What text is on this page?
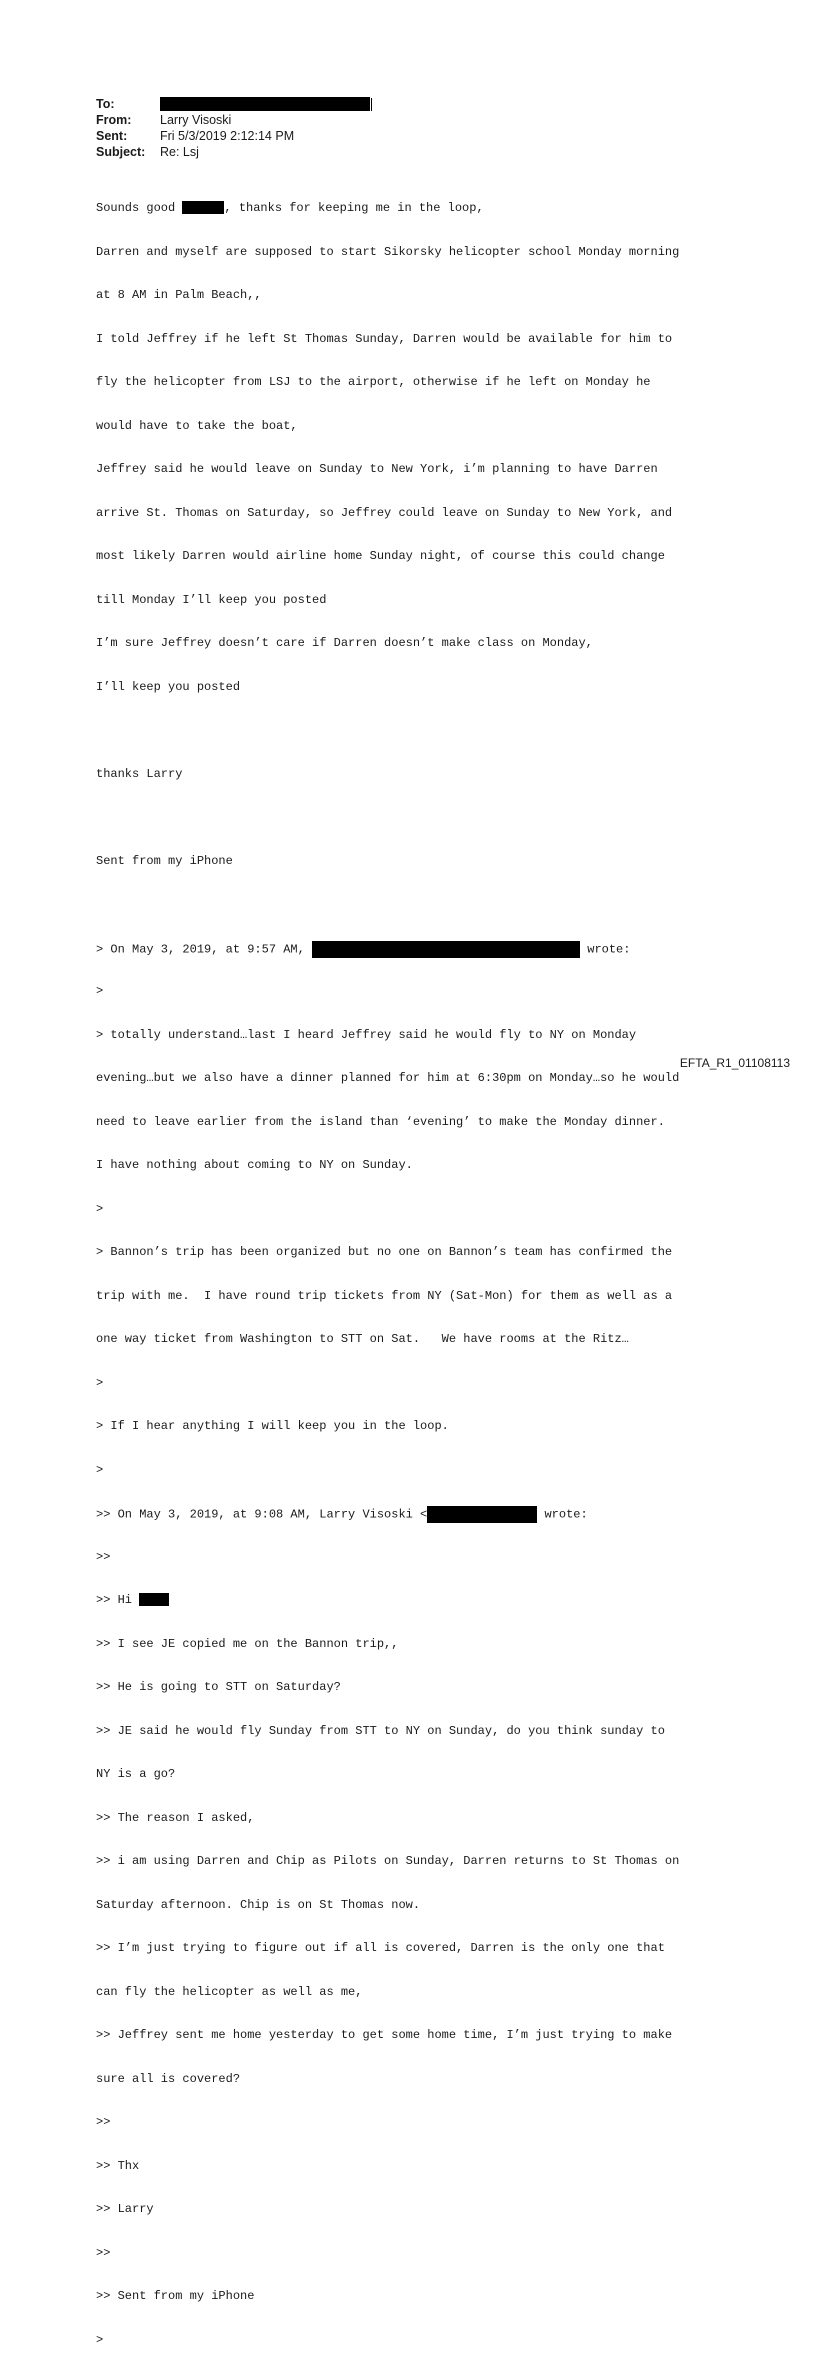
To:
From:	Larry Visoski
Sent:	Fri 5/3/2019 2:12:14 PM
Subject:	Re: Lsj

Sounds good	, thanks for keeping me in the loop,

Darren and myself are supposed to start Sikorsky helicopter school Monday morning

at 8 AM in Palm Beach,,

I told Jeffrey if he left St Thomas Sunday, Darren would be available for him to

fly the helicopter from LSJ to the airport, otherwise if he left on Monday he

would have to take the boat,

Jeffrey said he would leave on Sunday to New York, i’m planning to have Darren

arrive St. Thomas on Saturday, so Jeffrey could leave on Sunday to New York, and

most likely Darren would airline home Sunday night, of course this could change

till Monday I’ll keep you posted

I’m sure Jeffrey doesn’t care if Darren doesn’t make class on Monday,

I’ll keep you posted

thanks Larry

Sent from my iPhone

> On May 3, 2019, at 9:57 AM,	wrote:

>

> totally understand…last I heard Jeffrey said he would fly to NY on Monday

evening…but we also have a dinner planned for him at 6:30pm on Monday…so he would

need to leave earlier from the island than ‘evening’ to make the Monday dinner.

I have nothing about coming to NY on Sunday.

>

> Bannon’s trip has been organized but no one on Bannon’s team has confirmed the

trip with me.  I have round trip tickets from NY (Sat-Mon) for them as well as a

one way ticket from Washington to STT on Sat.   We have rooms at the Ritz…

>

> If I hear anything I will keep you in the loop.

>

>> On May 3, 2019, at 9:08 AM, Larry Visoski <	wrote:

>>

>> Hi

>> I see JE copied me on the Bannon trip,,

>> He is going to STT on Saturday?

>> JE said he would fly Sunday from STT to NY on Sunday, do you think sunday to

NY is a go?

>> The reason I asked,

>> i am using Darren and Chip as Pilots on Sunday, Darren returns to St Thomas on

Saturday afternoon. Chip is on St Thomas now.

>> I’m just trying to figure out if all is covered, Darren is the only one that

can fly the helicopter as well as me,

>> Jeffrey sent me home yesterday to get some home time, I’m just trying to make

sure all is covered?

>>

>> Thx

>> Larry

>>

>> Sent from my iPhone

>

EFTA_R1_01108113
